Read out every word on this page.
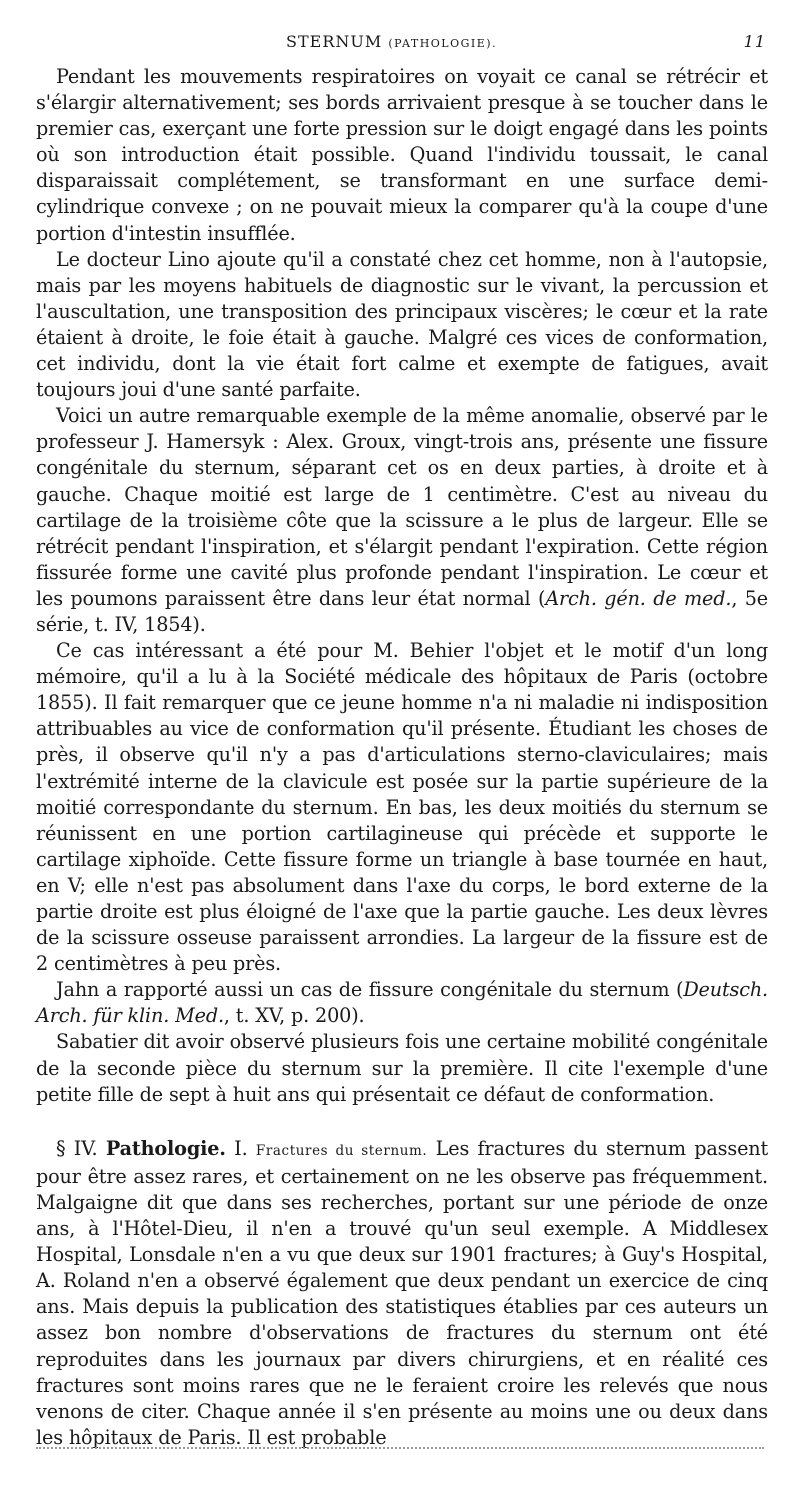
STERNUM (PATHOLOGIE).	11

Pendant les mouvements respiratoires on voyait ce canal se rétrécir et s'élargir alternativement; ses bords arrivaient presque à se toucher dans le premier cas, exerçant une forte pression sur le doigt engagé dans les points où son introduction était possible. Quand l'individu toussait, le canal disparaissait complétement, se transformant en une surface demi-cylindrique convexe ; on ne pouvait mieux la comparer qu'à la coupe d'une portion d'intestin insufflée.

Le docteur Lino ajoute qu'il a constaté chez cet homme, non à l'autopsie, mais par les moyens habituels de diagnostic sur le vivant, la percussion et l'auscultation, une transposition des principaux viscères; le cœur et la rate étaient à droite, le foie était à gauche. Malgré ces vices de conformation, cet individu, dont la vie était fort calme et exempte de fatigues, avait toujours joui d'une santé parfaite.

Voici un autre remarquable exemple de la même anomalie, observé par le professeur J. Hamersyk : Alex. Groux, vingt-trois ans, présente une fissure congénitale du sternum, séparant cet os en deux parties, à droite et à gauche. Chaque moitié est large de 1 centimètre. C'est au niveau du cartilage de la troisième côte que la scissure a le plus de largeur. Elle se rétrécit pendant l'inspiration, et s'élargit pendant l'expiration. Cette région fissurée forme une cavité plus profonde pendant l'inspiration. Le cœur et les poumons paraissent être dans leur état normal (Arch. gén. de med., 5e série, t. IV, 1854).

Ce cas intéressant a été pour M. Behier l'objet et le motif d'un long mémoire, qu'il a lu à la Société médicale des hôpitaux de Paris (octobre 1855). Il fait remarquer que ce jeune homme n'a ni maladie ni indisposition attribuables au vice de conformation qu'il présente. Étudiant les choses de près, il observe qu'il n'y a pas d'articulations sterno-claviculaires; mais l'extrémité interne de la clavicule est posée sur la partie supérieure de la moitié correspondante du sternum. En bas, les deux moitiés du sternum se réunissent en une portion cartilagineuse qui précède et supporte le cartilage xiphoïde. Cette fissure forme un triangle à base tournée en haut, en V; elle n'est pas absolument dans l'axe du corps, le bord externe de la partie droite est plus éloigné de l'axe que la partie gauche. Les deux lèvres de la scissure osseuse paraissent arrondies. La largeur de la fissure est de 2 centimètres à peu près.

Jahn a rapporté aussi un cas de fissure congénitale du sternum (Deutsch. Arch. für klin. Med., t. XV, p. 200).

Sabatier dit avoir observé plusieurs fois une certaine mobilité congénitale de la seconde pièce du sternum sur la première. Il cite l'exemple d'une petite fille de sept à huit ans qui présentait ce défaut de conformation.

§ IV. Pathologie. I. Fractures du sternum. Les fractures du sternum passent pour être assez rares, et certainement on ne les observe pas fréquemment. Malgaigne dit que dans ses recherches, portant sur une période de onze ans, à l'Hôtel-Dieu, il n'en a trouvé qu'un seul exemple. A Middlesex Hospital, Lonsdale n'en a vu que deux sur 1901 fractures; à Guy's Hospital, A. Roland n'en a observé également que deux pendant un exercice de cinq ans. Mais depuis la publication des statistiques établies par ces auteurs un assez bon nombre d'observations de fractures du sternum ont été reproduites dans les journaux par divers chirurgiens, et en réalité ces fractures sont moins rares que ne le feraient croire les relevés que nous venons de citer. Chaque année il s'en présente au moins une ou deux dans les hôpitaux de Paris. Il est probable
